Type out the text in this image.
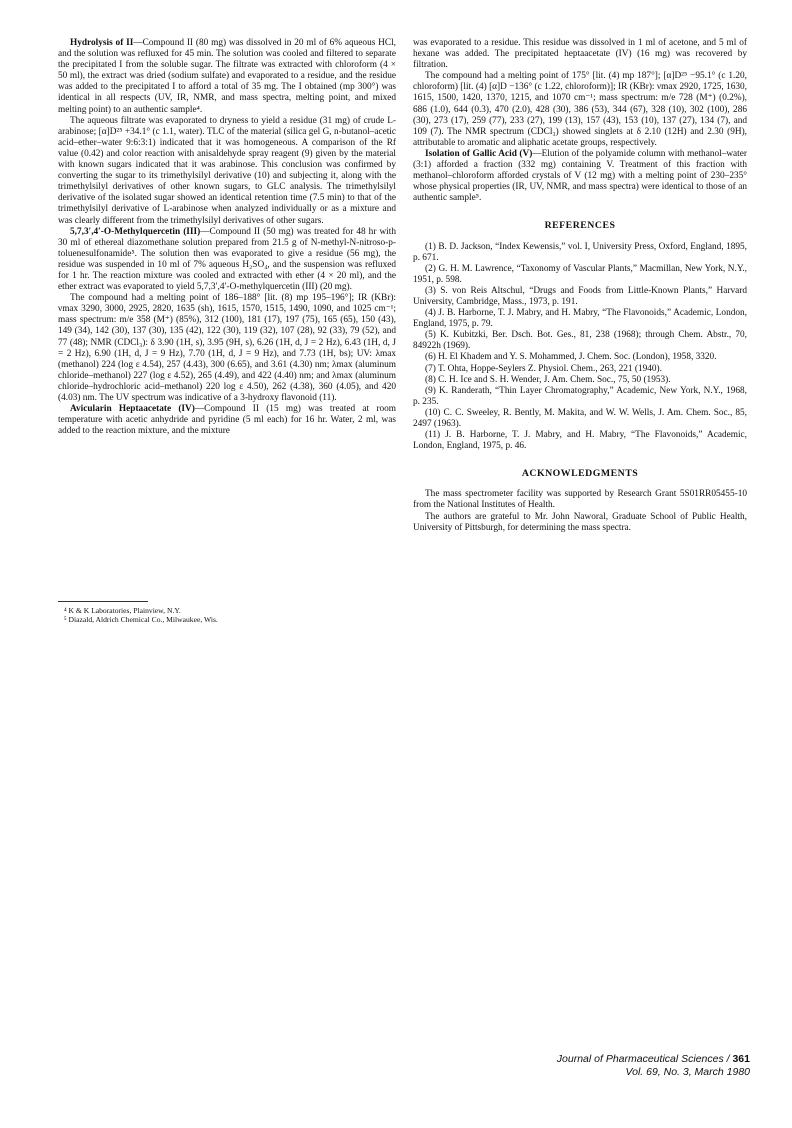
Hydrolysis of II—Compound II (80 mg) was dissolved in 20 ml of 6% aqueous HCl, and the solution was refluxed for 45 min. The solution was cooled and filtered to separate the precipitated I from the soluble sugar. The filtrate was extracted with chloroform (4 × 50 ml), the extract was dried (sodium sulfate) and evaporated to a residue, and the residue was added to the precipitated I to afford a total of 35 mg. The I obtained (mp 300°) was identical in all respects (UV, IR, NMR, and mass spectra, melting point, and mixed melting point) to an authentic sample⁴.

The aqueous filtrate was evaporated to dryness to yield a residue (31 mg) of crude L-arabinose; [α]D²⁵ +34.1° (c 1.1, water). TLC of the material (silica gel G, n-butanol–acetic acid–ether–water 9:6:3:1) indicated that it was homogeneous. A comparison of the Rf value (0.42) and color reaction with anisaldehyde spray reagent (9) given by the material with known sugars indicated that it was arabinose. This conclusion was confirmed by converting the sugar to its trimethylsilyl derivative (10) and subjecting it, along with the trimethylsilyl derivatives of other known sugars, to GLC analysis. The trimethylsilyl derivative of the isolated sugar showed an identical retention time (7.5 min) to that of the trimethylsilyl derivative of L-arabinose when analyzed individually or as a mixture and was clearly different from the trimethylsilyl derivatives of other sugars.

5,7,3′,4′-O-Methylquercetin (III)—Compound II (50 mg) was treated for 48 hr with 30 ml of ethereal diazomethane solution prepared from 21.5 g of N-methyl-N-nitroso-p-toluenesulfonamide⁵. The solution then was evaporated to give a residue (56 mg), the residue was suspended in 10 ml of 7% aqueous H₂SO₄, and the suspension was refluxed for 1 hr. The reaction mixture was cooled and extracted with ether (4 × 20 ml), and the ether extract was evaporated to yield 5,7,3′,4′-O-methylquercetin (III) (20 mg).

The compound had a melting point of 186–188° [lit. (8) mp 195–196°]; IR (KBr): νmax 3290, 3000, 2925, 2820, 1635 (sh), 1615, 1570, 1515, 1490, 1090, and 1025 cm⁻¹; mass spectrum: m/e 358 (M⁺) (85%), 312 (100), 181 (17), 197 (75), 165 (65), 150 (43), 149 (34), 142 (30), 137 (30), 135 (42), 122 (30), 119 (32), 107 (28), 92 (33), 79 (52), and 77 (48); NMR (CDCl₃): δ 3.90 (1H, s), 3.95 (9H, s), 6.26 (1H, d, J = 2 Hz), 6.43 (1H, d, J = 2 Hz), 6.90 (1H, d, J = 9 Hz), 7.70 (1H, d, J = 9 Hz), and 7.73 (1H, bs); UV: λmax (methanol) 224 (log ε 4.54), 257 (4.43), 300 (6.65), and 3.61 (4.30) nm; λmax (aluminum chloride–methanol) 227 (log ε 4.52), 265 (4.49), and 422 (4.40) nm; and λmax (aluminum chloride–hydrochloric acid–methanol) 220 log ε 4.50), 262 (4.38), 360 (4.05), and 420 (4.03) nm. The UV spectrum was indicative of a 3-hydroxy flavonoid (11).

Avicularin Heptaacetate (IV)—Compound II (15 mg) was treated at room temperature with acetic anhydride and pyridine (5 ml each) for 16 hr. Water, 2 ml, was added to the reaction mixture, and the mixture

⁴ K & K Laboratories, Plainview, N.Y.

⁵ Diazald, Aldrich Chemical Co., Milwaukee, Wis.

was evaporated to a residue. This residue was dissolved in 1 ml of acetone, and 5 ml of hexane was added. The precipitated heptaacetate (IV) (16 mg) was recovered by filtration.

The compound had a melting point of 175° [lit. (4) mp 187°]; [α]D²⁵ −95.1° (c 1.20, chloroform) [lit. (4) [α]D −136° (c 1.22, chloroform)]; IR (KBr): νmax 2920, 1725, 1630, 1615, 1500, 1420, 1370, 1215, and 1070 cm⁻¹; mass spectrum: m/e 728 (M⁺) (0.2%), 686 (1.0), 644 (0.3), 470 (2.0), 428 (30), 386 (53), 344 (67), 328 (10), 302 (100), 286 (30), 273 (17), 259 (77), 233 (27), 199 (13), 157 (43), 153 (10), 137 (27), 134 (7), and 109 (7). The NMR spectrum (CDCl₃) showed singlets at δ 2.10 (12H) and 2.30 (9H), attributable to aromatic and aliphatic acetate groups, respectively.

Isolation of Gallic Acid (V)—Elution of the polyamide column with methanol–water (3:1) afforded a fraction (332 mg) containing V. Treatment of this fraction with methanol–chloroform afforded crystals of V (12 mg) with a melting point of 230–235° whose physical properties (IR, UV, NMR, and mass spectra) were identical to those of an authentic sample⁵.

REFERENCES

(1) B. D. Jackson, “Index Kewensis,” vol. I, University Press, Oxford, England, 1895, p. 671.

(2) G. H. M. Lawrence, “Taxonomy of Vascular Plants,” Macmillan, New York, N.Y., 1951, p. 598.

(3) S. von Reis Altschul, “Drugs and Foods from Little-Known Plants,” Harvard University, Cambridge, Mass., 1973, p. 191.

(4) J. B. Harborne, T. J. Mabry, and H. Mabry, “The Flavonoids,” Academic, London, England, 1975, p. 79.

(5) K. Kubitzki, Ber. Dsch. Bot. Ges., 81, 238 (1968); through Chem. Abstr., 70, 84922h (1969).

(6) H. El Khadem and Y. S. Mohammed, J. Chem. Soc. (London), 1958, 3320.

(7) T. Ohta, Hoppe-Seylers Z. Physiol. Chem., 263, 221 (1940).

(8) C. H. Ice and S. H. Wender, J. Am. Chem. Soc., 75, 50 (1953).

(9) K. Randerath, “Thin Layer Chromatography,” Academic, New York, N.Y., 1968, p. 235.

(10) C. C. Sweeley, R. Bently, M. Makita, and W. W. Wells, J. Am. Chem. Soc., 85, 2497 (1963).

(11) J. B. Harborne, T. J. Mabry, and H. Mabry, “The Flavonoids,” Academic, London, England, 1975, p. 46.

ACKNOWLEDGMENTS

The mass spectrometer facility was supported by Research Grant 5S01RR05455-10 from the National Institutes of Health.

The authors are grateful to Mr. John Naworal, Graduate School of Public Health, University of Pittsburgh, for determining the mass spectra.

Journal of Pharmaceutical Sciences / 361
Vol. 69, No. 3, March 1980
